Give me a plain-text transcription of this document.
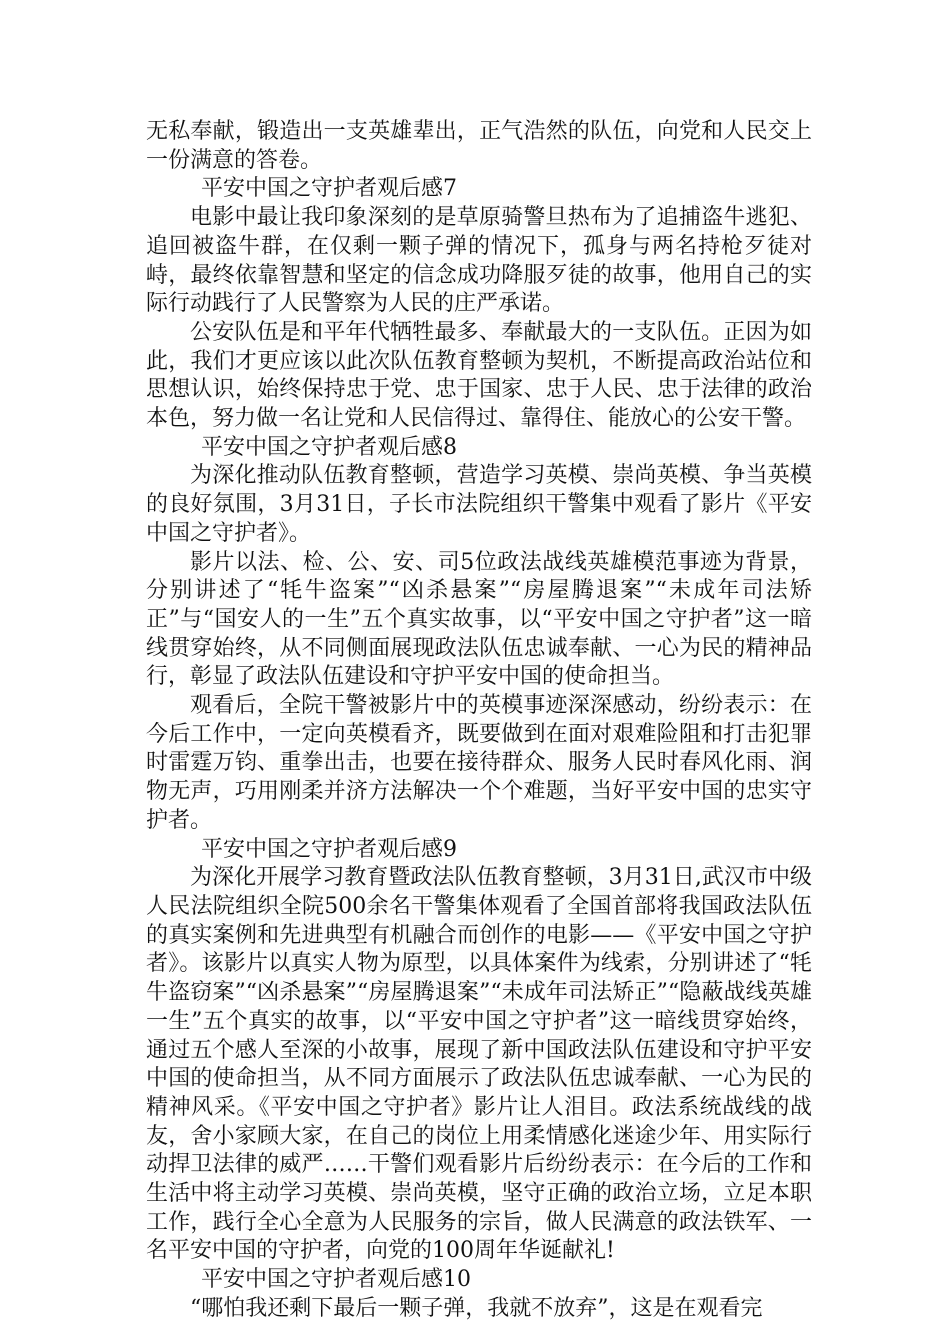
无私奉献，锻造出一支英雄辈出，正气浩然的队伍，向党和人民交上一份满意的答卷。

平安中国之守护者观后感7

电影中最让我印象深刻的是草原骑警旦热布为了追捕盗牛逃犯、追回被盗牛群，在仅剩一颗子弹的情况下，孤身与两名持枪歹徒对峙，最终依靠智慧和坚定的信念成功降服歹徒的故事，他用自己的实际行动践行了人民警察为人民的庄严承诺。

公安队伍是和平年代牺牲最多、奉献最大的一支队伍。正因为如此，我们才更应该以此次队伍教育整顿为契机，不断提高政治站位和思想认识，始终保持忠于党、忠于国家、忠于人民、忠于法律的政治本色，努力做一名让党和人民信得过、靠得住、能放心的公安干警。

平安中国之守护者观后感8

为深化推动队伍教育整顿，营造学习英模、崇尚英模、争当英模的良好氛围，3月31日，子长市法院组织干警集中观看了影片《平安中国之守护者》。

影片以法、检、公、安、司5位政法战线英雄模范事迹为背景，分别讲述了“牦牛盗案”“凶杀悬案”“房屋腾退案”“未成年司法矫正”与“国安人的一生”五个真实故事，以“平安中国之守护者”这一暗线贯穿始终，从不同侧面展现政法队伍忠诚奉献、一心为民的精神品行，彰显了政法队伍建设和守护平安中国的使命担当。

观看后，全院干警被影片中的英模事迹深深感动，纷纷表示：在今后工作中，一定向英模看齐，既要做到在面对艰难险阻和打击犯罪时雷霆万钧、重拳出击，也要在接待群众、服务人民时春风化雨、润物无声，巧用刚柔并济方法解决一个个难题，当好平安中国的忠实守护者。

平安中国之守护者观后感9

为深化开展学习教育暨政法队伍教育整顿，3月31日,武汉市中级人民法院组织全院500余名干警集体观看了全国首部将我国政法队伍的真实案例和先进典型有机融合而创作的电影——《平安中国之守护者》。该影片以真实人物为原型，以具体案件为线索，分别讲述了“牦牛盗窃案”“凶杀悬案”“房屋腾退案”“未成年司法矫正”“隐蔽战线英雄一生”五个真实的故事，以“平安中国之守护者”这一暗线贯穿始终，通过五个感人至深的小故事，展现了新中国政法队伍建设和守护平安中国的使命担当，从不同方面展示了政法队伍忠诚奉献、一心为民的精神风采。《平安中国之守护者》影片让人泪目。政法系统战线的战友，舍小家顾大家，在自己的岗位上用柔情感化迷途少年、用实际行动捍卫法律的威严……干警们观看影片后纷纷表示：在今后的工作和生活中将主动学习英模、崇尚英模，坚守正确的政治立场，立足本职工作，践行全心全意为人民服务的宗旨，做人民满意的政法铁军、一名平安中国的守护者，向党的100周年华诞献礼!

平安中国之守护者观后感10

“哪怕我还剩下最后一颗子弹，我就不放弃”，这是在观看完
